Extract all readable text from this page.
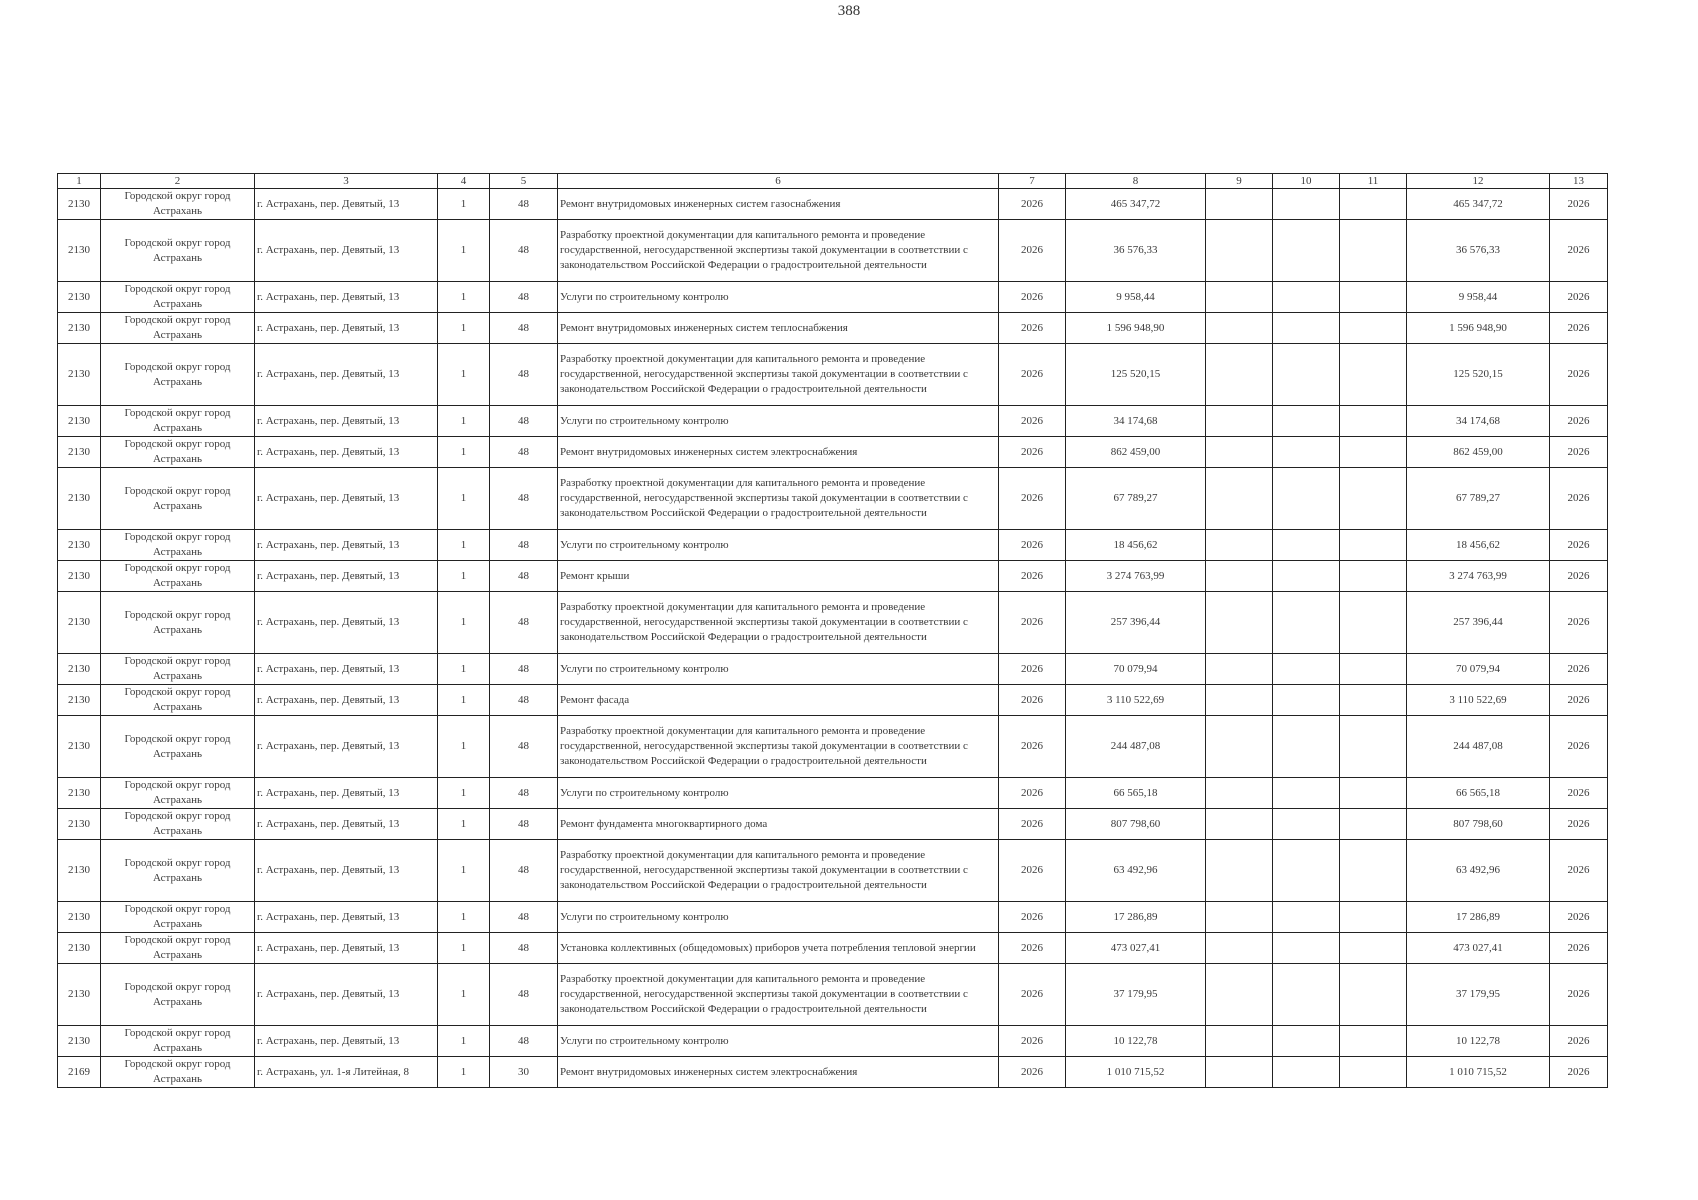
388
1	2	3	4	5	6	7	8	9	10	11	12	13
2130	Городской округ город Астрахань	г. Астрахань, пер. Девятый, 13	1	48	Ремонт внутридомовых инженерных систем газоснабжения	2026	465 347,72				465 347,72	2026
2130	Городской округ город Астрахань	г. Астрахань, пер. Девятый, 13	1	48	Разработку проектной документации для капитального ремонта и проведение государственной, негосударственной экспертизы такой документации в соответствии с законодательством Российской Федерации о градостроительной деятельности	2026	36 576,33				36 576,33	2026
2130	Городской округ город Астрахань	г. Астрахань, пер. Девятый, 13	1	48	Услуги по строительному контролю	2026	9 958,44				9 958,44	2026
2130	Городской округ город Астрахань	г. Астрахань, пер. Девятый, 13	1	48	Ремонт внутридомовых инженерных систем теплоснабжения	2026	1 596 948,90				1 596 948,90	2026
2130	Городской округ город Астрахань	г. Астрахань, пер. Девятый, 13	1	48	Разработку проектной документации для капитального ремонта и проведение государственной, негосударственной экспертизы такой документации в соответствии с законодательством Российской Федерации о градостроительной деятельности	2026	125 520,15				125 520,15	2026
2130	Городской округ город Астрахань	г. Астрахань, пер. Девятый, 13	1	48	Услуги по строительному контролю	2026	34 174,68				34 174,68	2026
2130	Городской округ город Астрахань	г. Астрахань, пер. Девятый, 13	1	48	Ремонт внутридомовых инженерных систем электроснабжения	2026	862 459,00				862 459,00	2026
2130	Городской округ город Астрахань	г. Астрахань, пер. Девятый, 13	1	48	Разработку проектной документации для капитального ремонта и проведение государственной, негосударственной экспертизы такой документации в соответствии с законодательством Российской Федерации о градостроительной деятельности	2026	67 789,27				67 789,27	2026
2130	Городской округ город Астрахань	г. Астрахань, пер. Девятый, 13	1	48	Услуги по строительному контролю	2026	18 456,62				18 456,62	2026
2130	Городской округ город Астрахань	г. Астрахань, пер. Девятый, 13	1	48	Ремонт крыши	2026	3 274 763,99				3 274 763,99	2026
2130	Городской округ город Астрахань	г. Астрахань, пер. Девятый, 13	1	48	Разработку проектной документации для капитального ремонта и проведение государственной, негосударственной экспертизы такой документации в соответствии с законодательством Российской Федерации о градостроительной деятельности	2026	257 396,44				257 396,44	2026
2130	Городской округ город Астрахань	г. Астрахань, пер. Девятый, 13	1	48	Услуги по строительному контролю	2026	70 079,94				70 079,94	2026
2130	Городской округ город Астрахань	г. Астрахань, пер. Девятый, 13	1	48	Ремонт фасада	2026	3 110 522,69				3 110 522,69	2026
2130	Городской округ город Астрахань	г. Астрахань, пер. Девятый, 13	1	48	Разработку проектной документации для капитального ремонта и проведение государственной, негосударственной экспертизы такой документации в соответствии с законодательством Российской Федерации о градостроительной деятельности	2026	244 487,08				244 487,08	2026
2130	Городской округ город Астрахань	г. Астрахань, пер. Девятый, 13	1	48	Услуги по строительному контролю	2026	66 565,18				66 565,18	2026
2130	Городской округ город Астрахань	г. Астрахань, пер. Девятый, 13	1	48	Ремонт фундамента многоквартирного дома	2026	807 798,60				807 798,60	2026
2130	Городской округ город Астрахань	г. Астрахань, пер. Девятый, 13	1	48	Разработку проектной документации для капитального ремонта и проведение государственной, негосударственной экспертизы такой документации в соответствии с законодательством Российской Федерации о градостроительной деятельности	2026	63 492,96				63 492,96	2026
2130	Городской округ город Астрахань	г. Астрахань, пер. Девятый, 13	1	48	Услуги по строительному контролю	2026	17 286,89				17 286,89	2026
2130	Городской округ город Астрахань	г. Астрахань, пер. Девятый, 13	1	48	Установка коллективных (общедомовых) приборов учета потребления тепловой энергии	2026	473 027,41				473 027,41	2026
2130	Городской округ город Астрахань	г. Астрахань, пер. Девятый, 13	1	48	Разработку проектной документации для капитального ремонта и проведение государственной, негосударственной экспертизы такой документации в соответствии с законодательством Российской Федерации о градостроительной деятельности	2026	37 179,95				37 179,95	2026
2130	Городской округ город Астрахань	г. Астрахань, пер. Девятый, 13	1	48	Услуги по строительному контролю	2026	10 122,78				10 122,78	2026
2169	Городской округ город Астрахань	г. Астрахань, ул. 1-я Литейная, 8	1	30	Ремонт внутридомовых инженерных систем электроснабжения	2026	1 010 715,52				1 010 715,52	2026
